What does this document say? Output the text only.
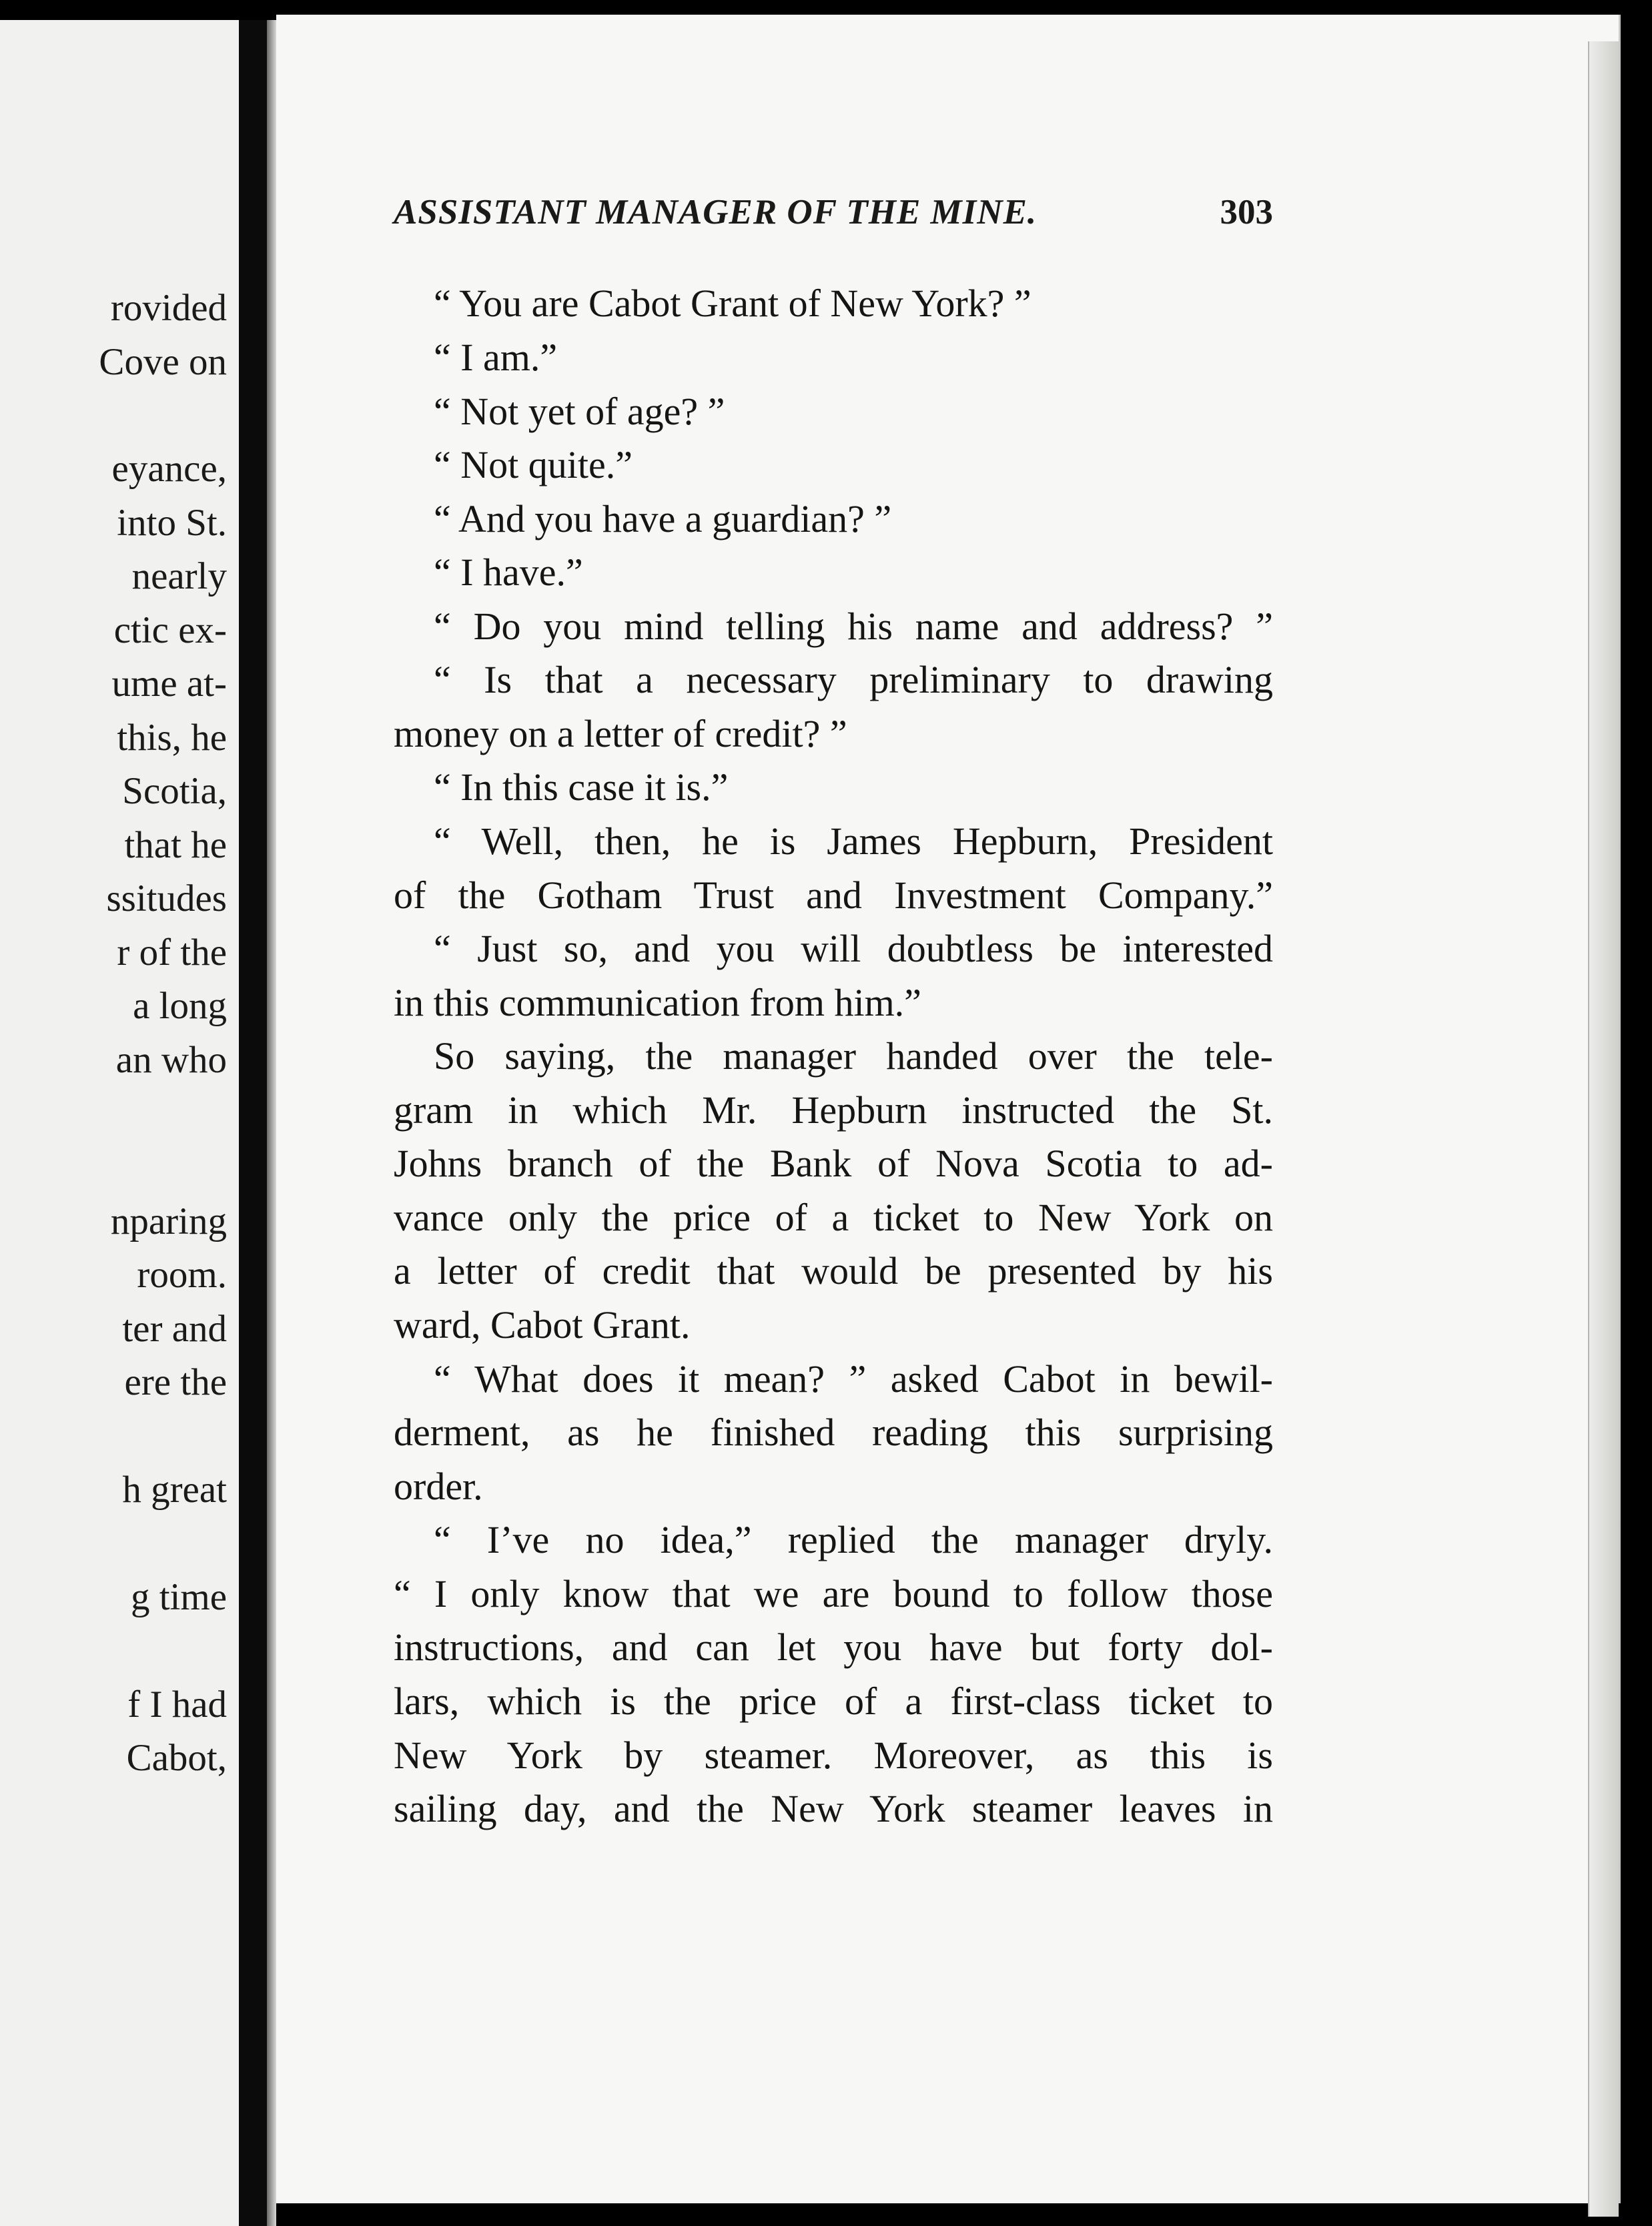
rovided
Cove on
eyance,
into St.
nearly
ctic ex-
ume at-
this, he
Scotia,
that he
ssitudes
r of the
a long
an who
nparing
room.
ter and
ere the
h great
g time
f I had
Cabot,
ASSISTANT MANAGER OF THE MINE.	303
“ You are Cabot Grant of New York? ”
“ I am.”
“ Not yet of age? ”
“ Not quite.”
“ And you have a guardian? ”
“ I have.”
“ Do you mind telling his name and address? ”
“ Is that a necessary preliminary to drawing
money on a letter of credit? ”
“ In this case it is.”
“ Well, then, he is James Hepburn, President
of the Gotham Trust and Investment Company.”
“ Just so, and you will doubtless be interested
in this communication from him.”
So saying, the manager handed over the tele-
gram in which Mr. Hepburn instructed the St.
Johns branch of the Bank of Nova Scotia to ad-
vance only the price of a ticket to New York on
a letter of credit that would be presented by his
ward, Cabot Grant.
“ What does it mean? ” asked Cabot in bewil-
derment, as he finished reading this surprising
order.
“ I’ve no idea,” replied the manager dryly.
“ I only know that we are bound to follow those
instructions, and can let you have but forty dol-
lars, which is the price of a first-class ticket to
New York by steamer. Moreover, as this is
sailing day, and the New York steamer leaves in
